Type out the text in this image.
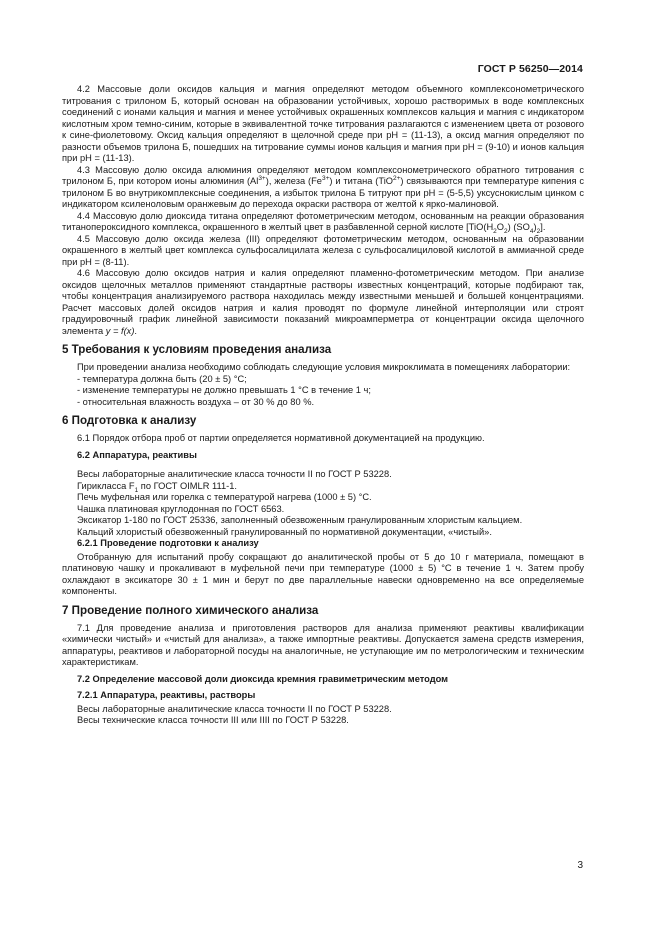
ГОСТ Р 56250—2014

4.2 Массовые доли оксидов кальция и магния определяют методом объемного комплексонометрического титрования с трилоном Б, который основан на образовании устойчивых, хорошо растворимых в воде комплексных соединений с ионами кальция и магния и менее устойчивых окрашенных комплексов кальция и магния с индикатором кислотным хром темно-синим, которые в эквивалентной точке титрования разлагаются с изменением цвета от розового к сине-фиолетовому. Оксид кальция определяют в щелочной среде при pH = (11-13), а оксид магния определяют по разности объемов трилона Б, пошедших на титрование суммы ионов кальция и магния при pH = (9-10) и ионов кальция при pH = (11-13).

4.3 Массовую долю оксида алюминия определяют методом комплексонометрического обратного титрования с трилоном Б, при котором ионы алюминия $(Al^{3+})$, железа $(Fe^{3+})$ и титана (TiO$^{2+}$) связываются при температуре кипения с трилоном Б во внутрикомплексные соединения, а избыток трилона Б титруют при pH = (5-5,5) уксуснокислым цинком с индикатором ксиленоловым оранжевым до перехода окраски раствора от желтой к ярко-малиновой.

4.4 Массовую долю диоксида титана определяют фотометрическим методом, основанным на реакции образования титанопероксидного комплекса, окрашенного в желтый цвет в разбавленной серной кислоте [$TiO(H_2O_2)$ $(SO_4)_2$].

4.5 Массовую долю оксида железа (III) определяют фотометрическим методом, основанным на образовании окрашенного в желтый цвет комплекса сульфосалицилата железа с сульфосалициловой кислотой в аммиачной среде при pH = (8-11).

4.6 Массовую долю оксидов натрия и калия определяют пламенно-фотометрическим методом. При анализе оксидов щелочных металлов применяют стандартные растворы известных концентраций, которые подбирают так, чтобы концентрация анализируемого раствора находилась между известными меньшей и большей концентрациями. Расчет массовых долей оксидов натрия и калия проводят по формуле линейной интерполяции или строят градуировочный график линейной зависимости показаний микроамперметра от концентрации оксида щелочного элемента y = f(x).

5 Требования к условиям проведения анализа

При проведении анализа необходимо соблюдать следующие условия микроклимата в помещениях лаборатории:

- температура должна быть (20 ± 5) °C;

- изменение температуры не должно превышать 1 °C в течение 1 ч;

- относительная влажность воздуха – от 30 % до 80 %.

6 Подготовка к анализу

6.1 Порядок отбора проб от партии определяется нормативной документацией на продукцию.

6.2 Аппаратура, реактивы

Весы лабораторные аналитические класса точности II по ГОСТ Р 53228.

Гирикласса $F_1$ по ГОСТ OIMLR 111-1.

Печь муфельная или горелка с температурой нагрева (1000 ± 5) °C.

Чашка платиновая круглодонная по ГОСТ 6563.

Эксикатор 1-180 по ГОСТ 25336, заполненный обезвоженным гранулированным хлористым кальцием.

Кальций хлористый обезвоженный гранулированный по нормативной документации, «чистый».

6.2.1 Проведение подготовки к анализу

Отобранную для испытаний пробу сокращают до аналитической пробы от 5 до 10 г материала, помещают в платиновую чашку и прокаливают в муфельной печи при температуре (1000 ± 5) °C в течение 1 ч. Затем пробу охлаждают в эксикаторе 30 ± 1 мин и берут по две параллельные навески одновременно на все определяемые компоненты.

7 Проведение полного химического анализа

7.1 Для проведение анализа и приготовления растворов для анализа применяют реактивы квалификации «химически чистый» и «чистый для анализа», а также импортные реактивы. Допускается замена средств измерения, аппаратуры, реактивов и лабораторной посуды на аналогичные, не уступающие им по метрологическим и техническим характеристикам.

7.2 Определение массовой доли диоксида кремния гравиметрическим методом
7.2.1 Аппаратура, реактивы, растворы

Весы лабораторные аналитические класса точности II по ГОСТ Р 53228.

Весы технические класса точности III или IIII по ГОСТ Р 53228.

3
